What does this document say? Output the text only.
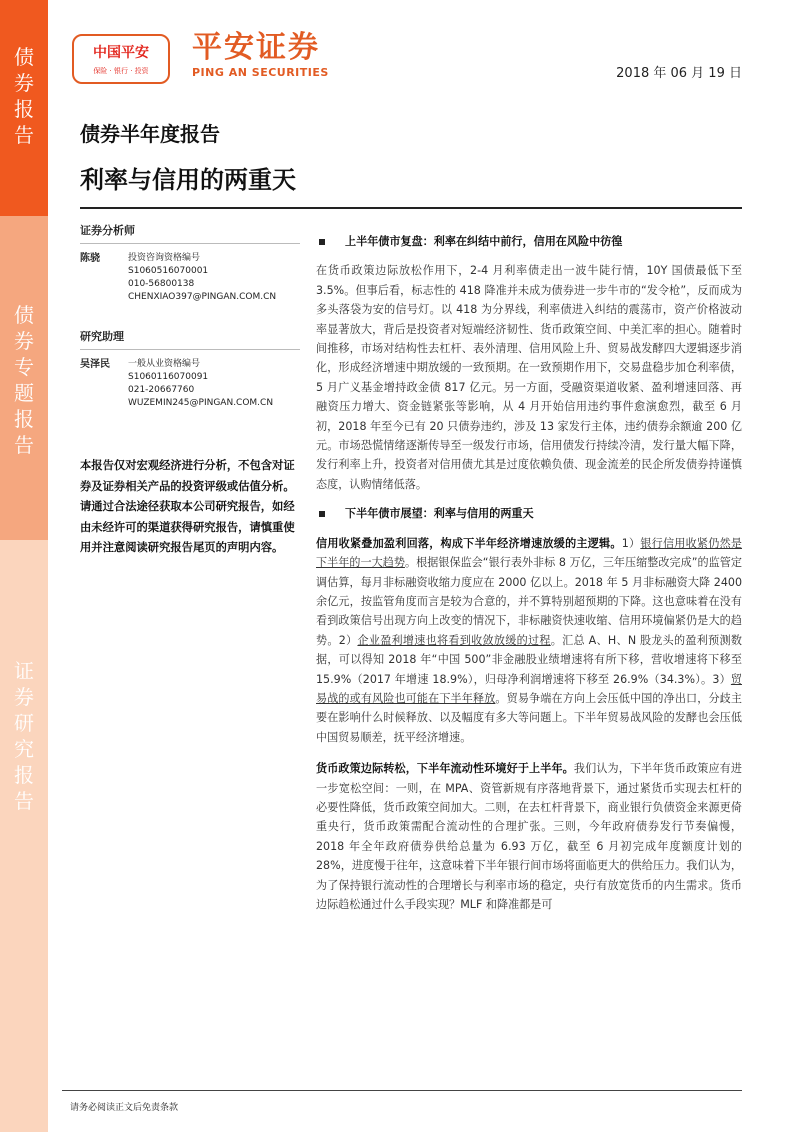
债
券
报
告
债
券
专
题
报
告
证
券
研
究
报
告
中国平安
保险 · 银行 · 投资
平安证券
PING AN SECURITIES	2018 年 06 月 19 日
债券半年度报告
利率与信用的两重天
证券分析师
陈骁	投资咨询资格编号
S1060516070001
010-56800138
CHENXIAO397@PINGAN.COM.CN
研究助理
吴泽民	一般从业资格编号
S1060116070091
021-20667760
WUZEMIN245@PINGAN.COM.CN

本报告仅对宏观经济进行分析，不包含对证券及证券相关产品的投资评级或估值分析。

请通过合法途径获取本公司研究报告，如经由未经许可的渠道获得研究报告，请慎重使用并注意阅读研究报告尾页的声明内容。

上半年债市复盘：利率在纠结中前行，信用在风险中彷徨

在货币政策边际放松作用下，2-4 月利率债走出一波牛陡行情，10Y 国债最低下至 3.5%。但事后看，标志性的 418 降准并未成为债券进一步牛市的“发令枪”，反而成为多头落袋为安的信号灯。以 418 为分界线，利率债进入纠结的震荡市，资产价格波动率显著放大，背后是投资者对短端经济韧性、货币政策空间、中美汇率的担心。随着时间推移，市场对结构性去杠杆、表外清理、信用风险上升、贸易战发酵四大逻辑逐步消化，形成经济增速中期放缓的一致预期。在一致预期作用下，交易盘稳步加仓利率债，5 月广义基金增持政金债 817 亿元。另一方面，受融资渠道收紧、盈利增速回落、再融资压力增大、资金链紧张等影响，从 4 月开始信用违约事件愈演愈烈，截至 6 月初，2018 年至今已有 20 只债券违约，涉及 13 家发行主体，违约债券余额逾 200 亿元。市场恐慌情绪逐渐传导至一级发行市场，信用债发行持续冷清，发行量大幅下降，发行利率上升，投资者对信用债尤其是过度依赖负债、现金流差的民企所发债券持谨慎态度，认购情绪低落。

下半年债市展望：利率与信用的两重天

信用收紧叠加盈利回落，构成下半年经济增速放缓的主逻辑。1）银行信用收紧仍然是下半年的一大趋势。根据银保监会“银行表外非标 8 万亿，三年压缩整改完成”的监管定调估算，每月非标融资收缩力度应在 2000 亿以上。2018 年 5 月非标融资大降 2400 余亿元，按监管角度而言是较为合意的，并不算特别超预期的下降。这也意味着在没有看到政策信号出现方向上改变的情况下，非标融资快速收缩、信用环境偏紧仍是大的趋势。2）企业盈利增速也将看到收敛放缓的过程。汇总 A、H、N 股龙头的盈利预测数据，可以得知 2018 年“中国 500”非金融股业绩增速将有所下移，营收增速将下移至 15.9%（2017 年增速 18.9%），归母净利润增速将下移至 26.9%（34.3%）。3）贸易战的或有风险也可能在下半年释放。贸易争端在方向上会压低中国的净出口，分歧主要在影响什么时候释放、以及幅度有多大等问题上。下半年贸易战风险的发酵也会压低中国贸易顺差，抚平经济增速。

货币政策边际转松，下半年流动性环境好于上半年。我们认为，下半年货币政策应有进一步宽松空间：一则，在 MPA、资管新规有序落地背景下，通过紧货币实现去杠杆的必要性降低，货币政策空间加大。二则，在去杠杆背景下，商业银行负债资金来源更倚重央行，货币政策需配合流动性的合理扩张。三则，今年政府债券发行节奏偏慢，2018 年全年政府债券供给总量为 6.93 万亿，截至 6 月初完成年度额度计划的 28%，进度慢于往年，这意味着下半年银行间市场将面临更大的供给压力。我们认为，为了保持银行流动性的合理增长与利率市场的稳定，央行有放宽货币的内生需求。货币边际趋松通过什么手段实现？MLF 和降准都是可

请务必阅读正文后免责条款
